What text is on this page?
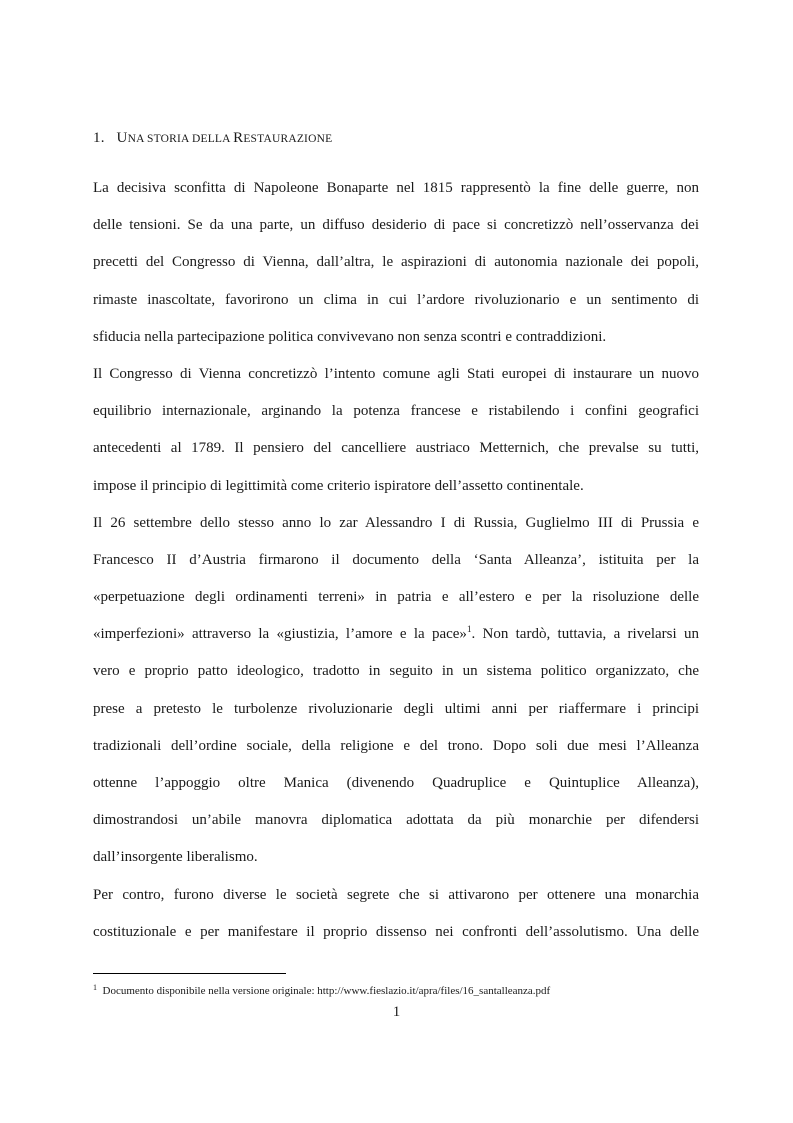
1. UNA STORIA DELLA RESTAURAZIONE
La decisiva sconfitta di Napoleone Bonaparte nel 1815 rappresentò la fine delle guerre, non
delle tensioni. Se da una parte, un diffuso desiderio di pace si concretizzò nell’osservanza dei
precetti del Congresso di Vienna, dall’altra, le aspirazioni di autonomia nazionale dei popoli,
rimaste inascoltate, favorirono un clima in cui l’ardore rivoluzionario e un sentimento di
sfiducia nella partecipazione politica convivevano non senza scontri e contraddizioni.
Il Congresso di Vienna concretizzò l’intento comune agli Stati europei di instaurare un nuovo
equilibrio internazionale, arginando la potenza francese e ristabilendo i confini geografici
antecedenti al 1789. Il pensiero del cancelliere austriaco Metternich, che prevalse su tutti,
impose il principio di legittimità come criterio ispiratore dell’assetto continentale.
Il 26 settembre dello stesso anno lo zar Alessandro I di Russia, Guglielmo III di Prussia e
Francesco II d’Austria firmarono il documento della ‘Santa Alleanza’, istituita per la
«perpetuazione degli ordinamenti terreni» in patria e all’estero e per la risoluzione delle
«imperfezioni» attraverso la «giustizia, l’amore e la pace»$^1$. Non tardò, tuttavia, a rivelarsi un
vero e proprio patto ideologico, tradotto in seguito in un sistema politico organizzato, che
prese a pretesto le turbolenze rivoluzionarie degli ultimi anni per riaffermare i principi
tradizionali dell’ordine sociale, della religione e del trono. Dopo soli due mesi l’Alleanza
ottenne l’appoggio oltre Manica (divenendo Quadruplice e Quintuplice Alleanza),
dimostrandosi un’abile manovra diplomatica adottata da più monarchie per difendersi
dall’insorgente liberalismo.
Per contro, furono diverse le società segrete che si attivarono per ottenere una monarchia
costituzionale e per manifestare il proprio dissenso nei confronti dell’assolutismo. Una delle
$^1$ Documento disponibile nella versione originale: http://www.fieslazio.it/apra/files/16_santalleanza.pdf
1
